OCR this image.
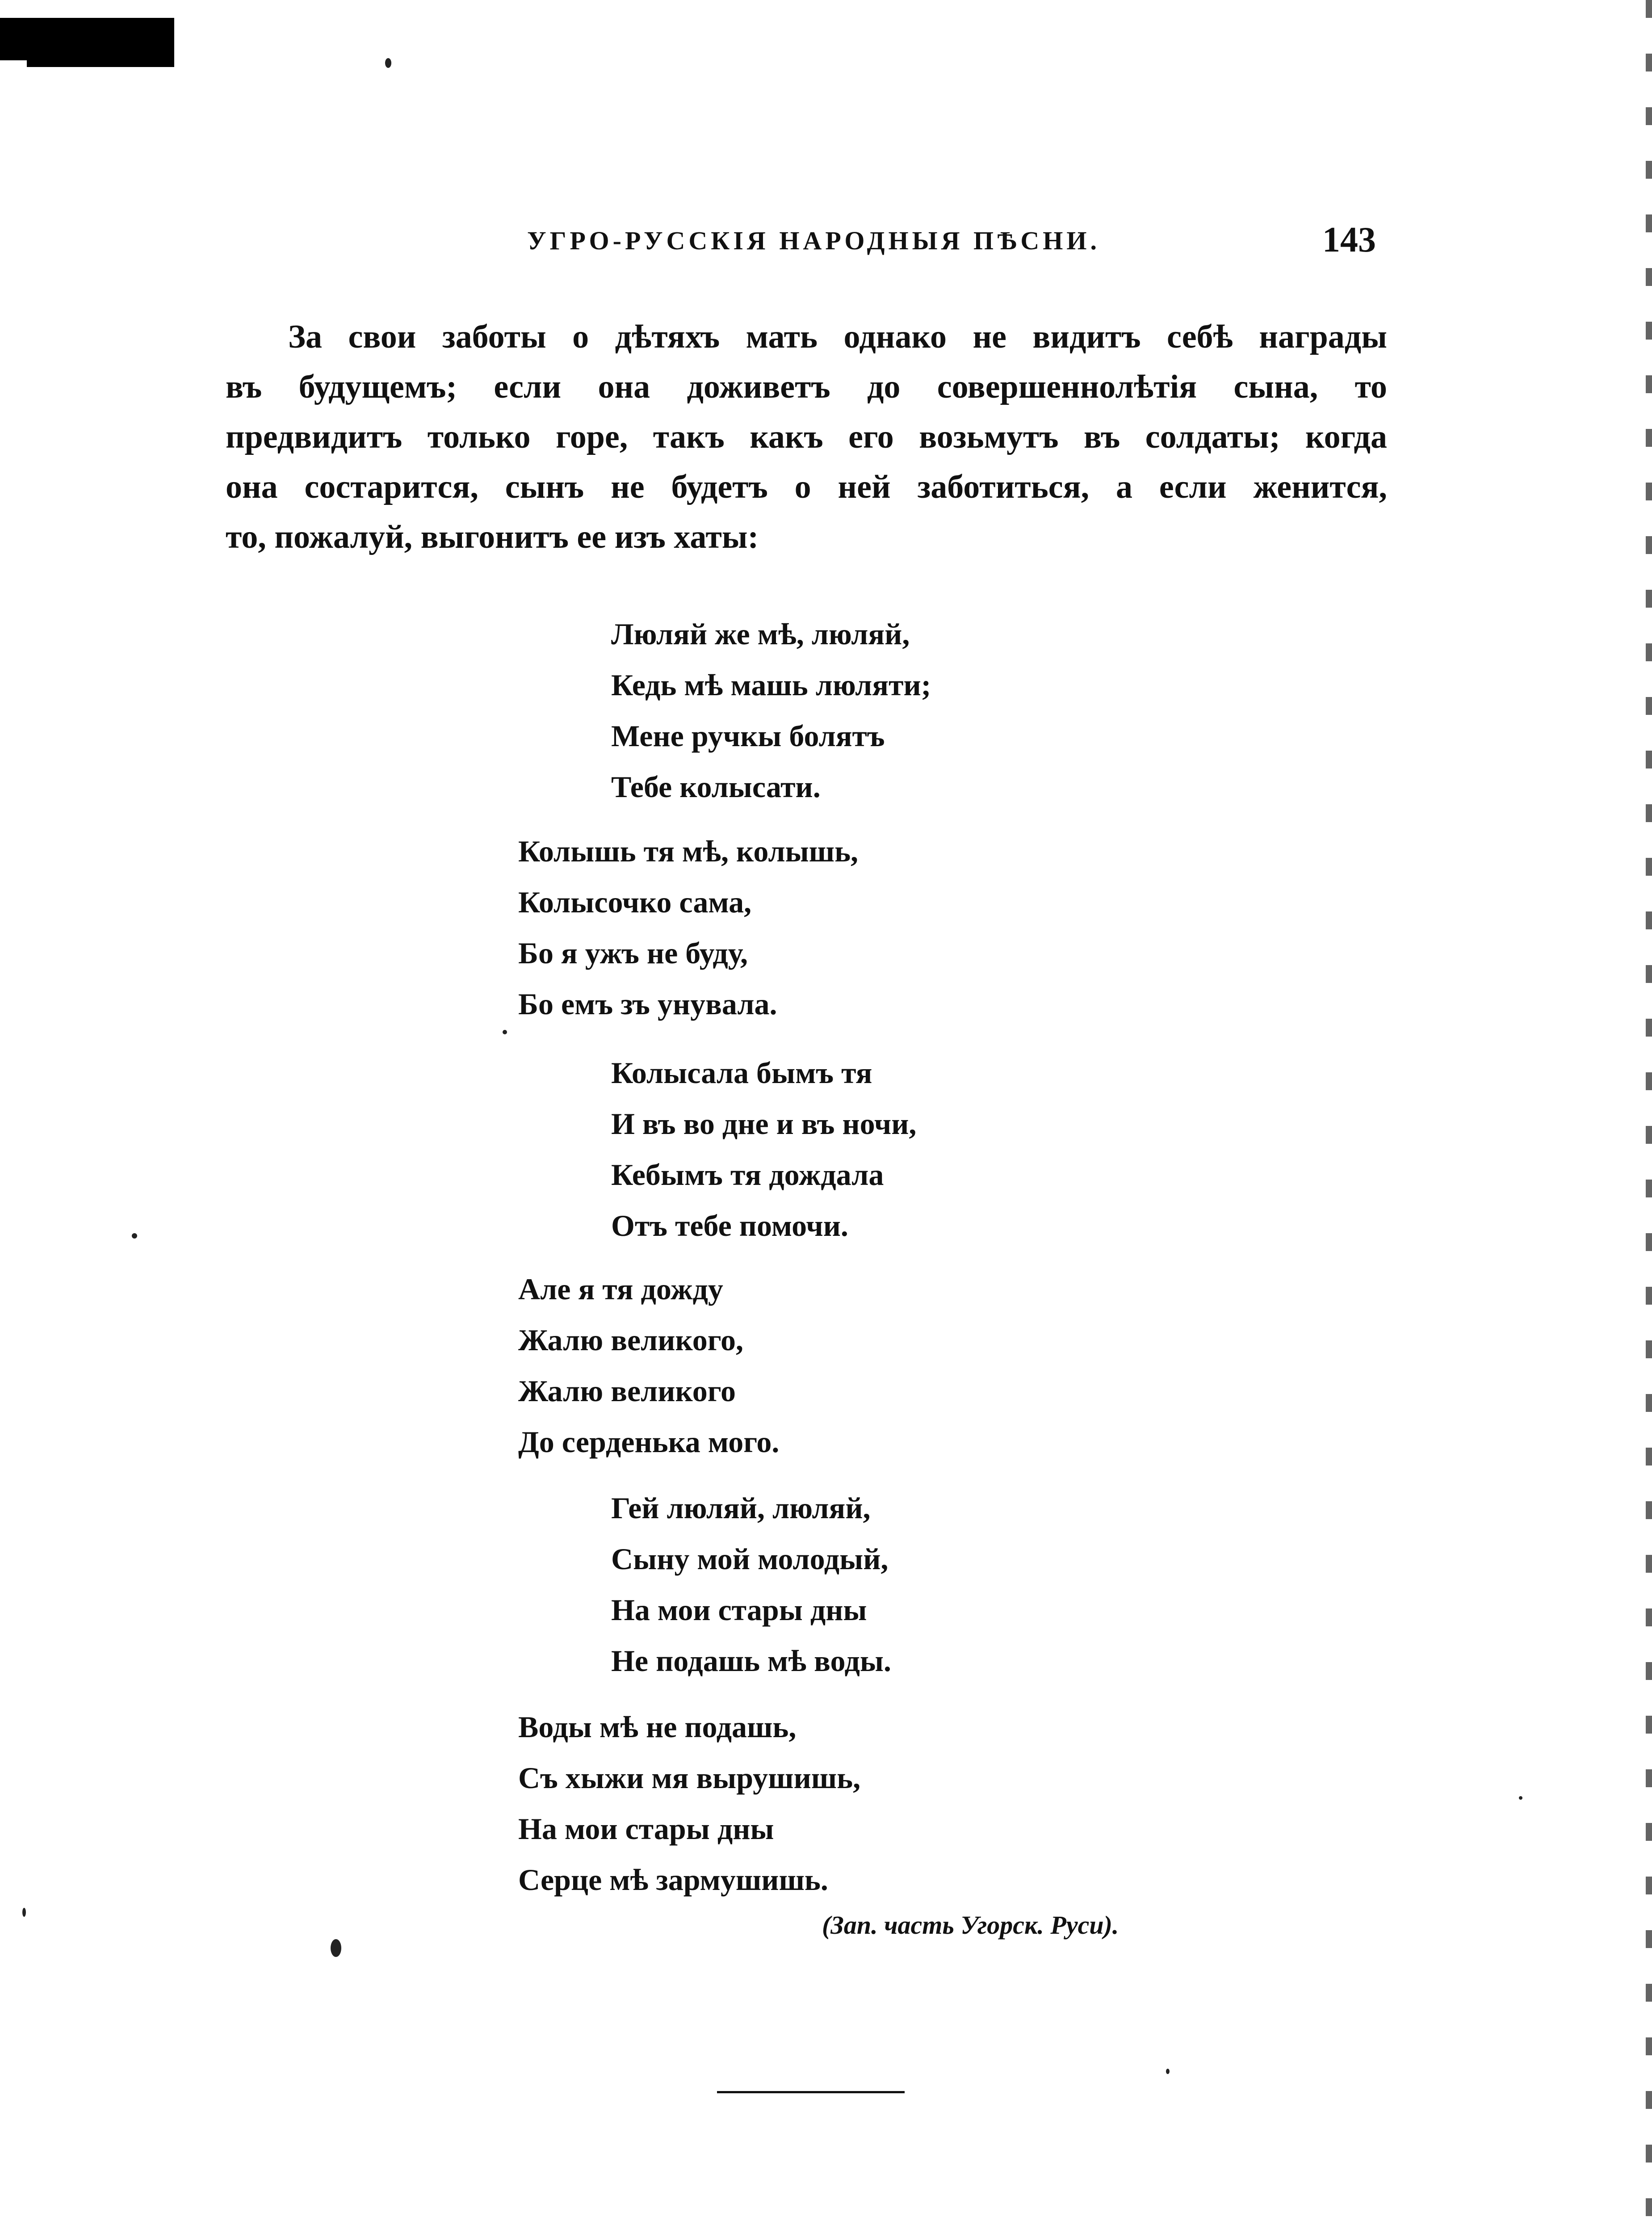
УГРО-РУССКІЯ НАРОДНЫЯ ПѢСНИ.	143
За свои заботы о дѣтяхъ мать однако не видитъ себѣ награды
въ будущемъ; если она доживетъ до совершеннолѣтія сына, то
предвидитъ только горе, такъ какъ его возьмутъ въ солдаты; когда
она состарится, сынъ не будетъ о ней заботиться, а если женится,
то, пожалуй, выгонитъ ее изъ хаты:
Люляй же мѣ, люляй,
Кедь мѣ машь люляти;
Мене ручкы болятъ
Тебе колысати.
Колышь тя мѣ, колышь,
Колысочко сама,
Бо я ужъ не буду,
Бо емъ зъ унувала.
Колысала бымъ тя
И въ во дне и въ ночи,
Кебымъ тя дождала
Отъ тебе помочи.
Але я тя дожду
Жалю великого,
Жалю великого
До серденька мого.
Гей люляй, люляй,
Сыну мой молодый,
На мои стары дны
Не подашь мѣ воды.
Воды мѣ не подашь,
Съ хыжи мя вырушишь,
На мои стары дны
Серце мѣ зармушишь.
(Зап. часть Угорск. Руси).
